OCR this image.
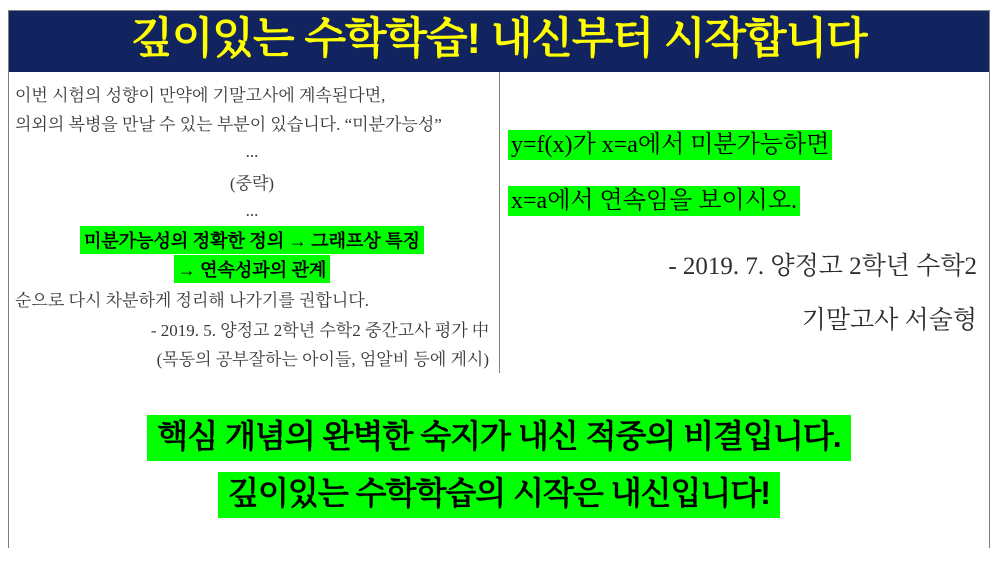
깊이있는 수학학습! 내신부터 시작합니다
이번 시험의 성향이 만약에 기말고사에 계속된다면,
의외의 복병을 만날 수 있는 부분이 있습니다. “미분가능성”
...
(중략)
...
미분가능성의 정확한 정의 → 그래프상 특징
→ 연속성과의 관계
순으로 다시 차분하게 정리해 나가기를 권합니다.
- 2019. 5. 양정고 2학년 수학2 중간고사 평가 中
(목동의 공부잘하는 아이들, 엄알비 등에 게시)
y=f(x)가 x=a에서 미분가능하면
x=a에서 연속임을 보이시오.
- 2019. 7. 양정고 2학년 수학2
기말고사 서술형
핵심 개념의 완벽한 숙지가 내신 적중의 비결입니다.
깊이있는 수학학습의 시작은 내신입니다!
